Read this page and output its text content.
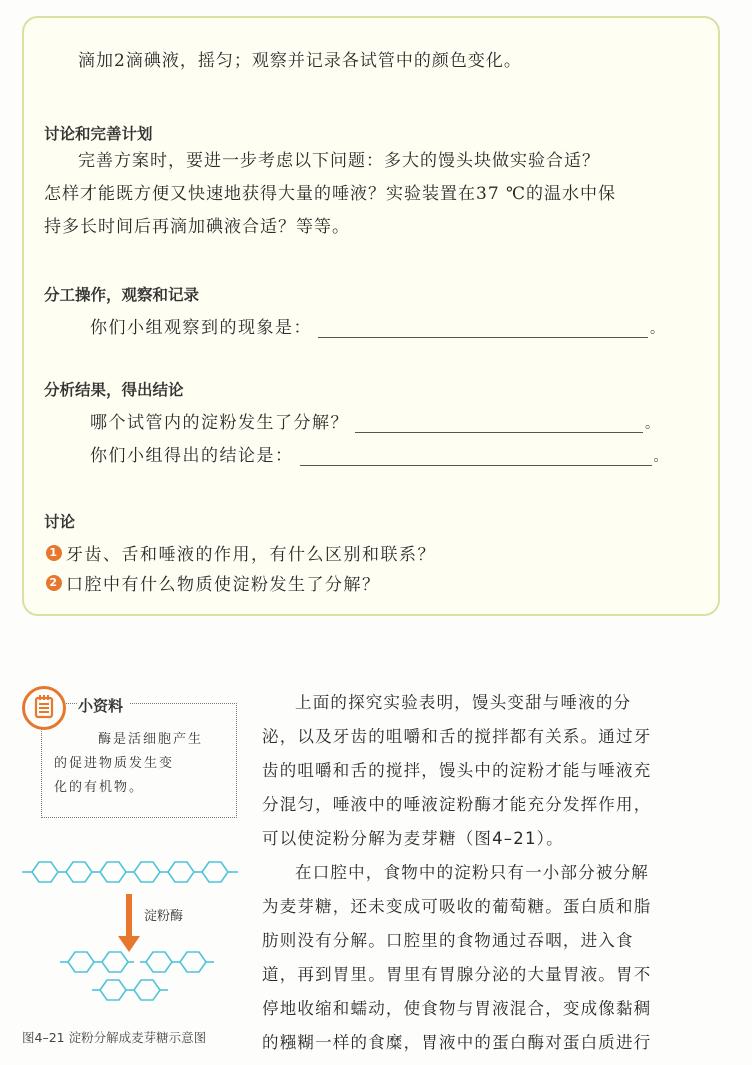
滴加2滴碘液，摇匀；观察并记录各试管中的颜色变化。
讨论和完善计划
完善方案时，要进一步考虑以下问题：多大的馒头块做实验合适？
怎样才能既方便又快速地获得大量的唾液？实验装置在37 ℃的温水中保
持多长时间后再滴加碘液合适？等等。
分工操作，观察和记录
你们小组观察到的现象是：	。
分析结果，得出结论
哪个试管内的淀粉发生了分解？	。
你们小组得出的结论是：	。
讨论
1 牙齿、舌和唾液的作用，有什么区别和联系？
2 口腔中有什么物质使淀粉发生了分解？
小资料
酶是活细胞产生
的促进物质发生变
化的有机物。
淀粉酶
图4–21 淀粉分解成麦芽糖示意图
上面的探究实验表明，馒头变甜与唾液的分
泌，以及牙齿的咀嚼和舌的搅拌都有关系。通过牙
齿的咀嚼和舌的搅拌，馒头中的淀粉才能与唾液充
分混匀，唾液中的唾液淀粉酶才能充分发挥作用，
可以使淀粉分解为麦芽糖（图4–21）。
在口腔中，食物中的淀粉只有一小部分被分解
为麦芽糖，还未变成可吸收的葡萄糖。蛋白质和脂
肪则没有分解。口腔里的食物通过吞咽，进入食
道，再到胃里。胃里有胃腺分泌的大量胃液。胃不
停地收缩和蠕动，使食物与胃液混合，变成像黏稠
的糨糊一样的食糜，胃液中的蛋白酶对蛋白质进行
